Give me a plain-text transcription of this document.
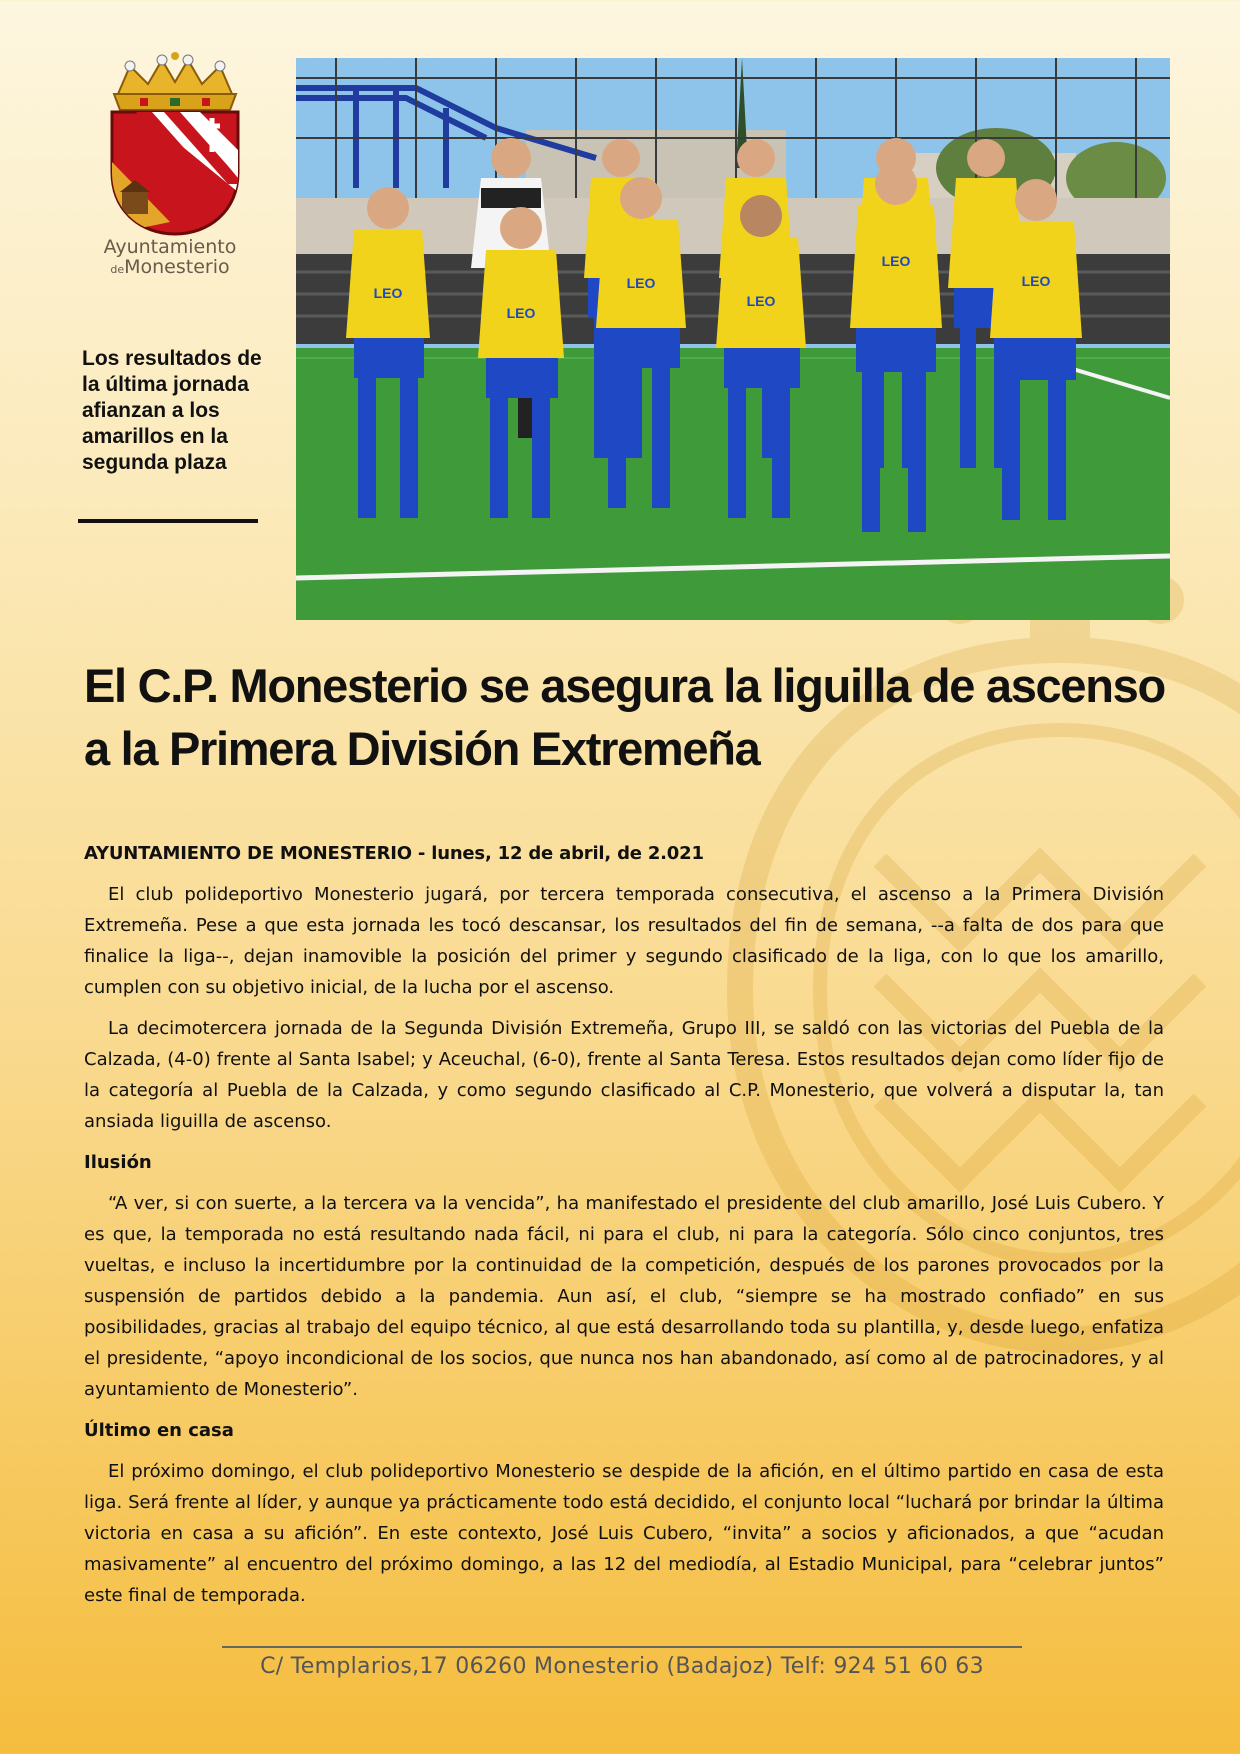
Ayuntamiento
deMonesterio
LEO
LEO
LEO
LEO
LEO
LEO

Los resultados de la última jornada afianzan a los amarillos en la segunda plaza

El C.P. Monesterio se asegura la liguilla de ascenso a la Primera División Extremeña

AYUNTAMIENTO DE MONESTERIO - lunes, 12 de abril, de 2.021

El club polideportivo Monesterio jugará, por tercera temporada consecutiva, el ascenso a la Primera División Extremeña. Pese a que esta jornada les tocó descansar, los resultados del fin de semana, --a falta de dos para que finalice la liga--, dejan inamovible la posición del primer y segundo clasificado de la liga, con lo que los amarillo, cumplen con su objetivo inicial, de la lucha por el ascenso.

La decimotercera jornada de la Segunda División Extremeña, Grupo III, se saldó con las victorias del Puebla de la Calzada, (4-0) frente al Santa Isabel; y Aceuchal, (6-0), frente al Santa Teresa. Estos resultados dejan como líder fijo de la categoría al Puebla de la Calzada, y como segundo clasificado al C.P. Monesterio, que volverá a disputar la, tan ansiada liguilla de ascenso.

Ilusión

“A ver, si con suerte, a la tercera va la vencida”, ha manifestado el presidente del club amarillo, José Luis Cubero. Y es que, la temporada no está resultando nada fácil, ni para el club, ni para la categoría. Sólo cinco conjuntos, tres vueltas, e incluso la incertidumbre por la continuidad de la competición, después de los parones provocados por la suspensión de partidos debido a la pandemia. Aun así, el club, “siempre se ha mostrado confiado” en sus posibilidades, gracias al trabajo del equipo técnico, al que está desarrollando toda su plantilla, y, desde luego, enfatiza el presidente, “apoyo incondicional de los socios, que nunca nos han abandonado, así como al de patrocinadores, y al ayuntamiento de Monesterio”.

Último en casa

El próximo domingo, el club polideportivo Monesterio se despide de la afición, en el último partido en casa de esta liga. Será frente al líder, y aunque ya prácticamente todo está decidido, el conjunto local “luchará por brindar la última victoria en casa a su afición”. En este contexto, José Luis Cubero, “invita” a socios y aficionados, a que “acudan masivamente” al encuentro del próximo domingo, a las 12 del mediodía, al Estadio Municipal, para “celebrar juntos” este final de temporada.

C/ Templarios,17 06260 Monesterio (Badajoz) Telf: 924 51 60 63
